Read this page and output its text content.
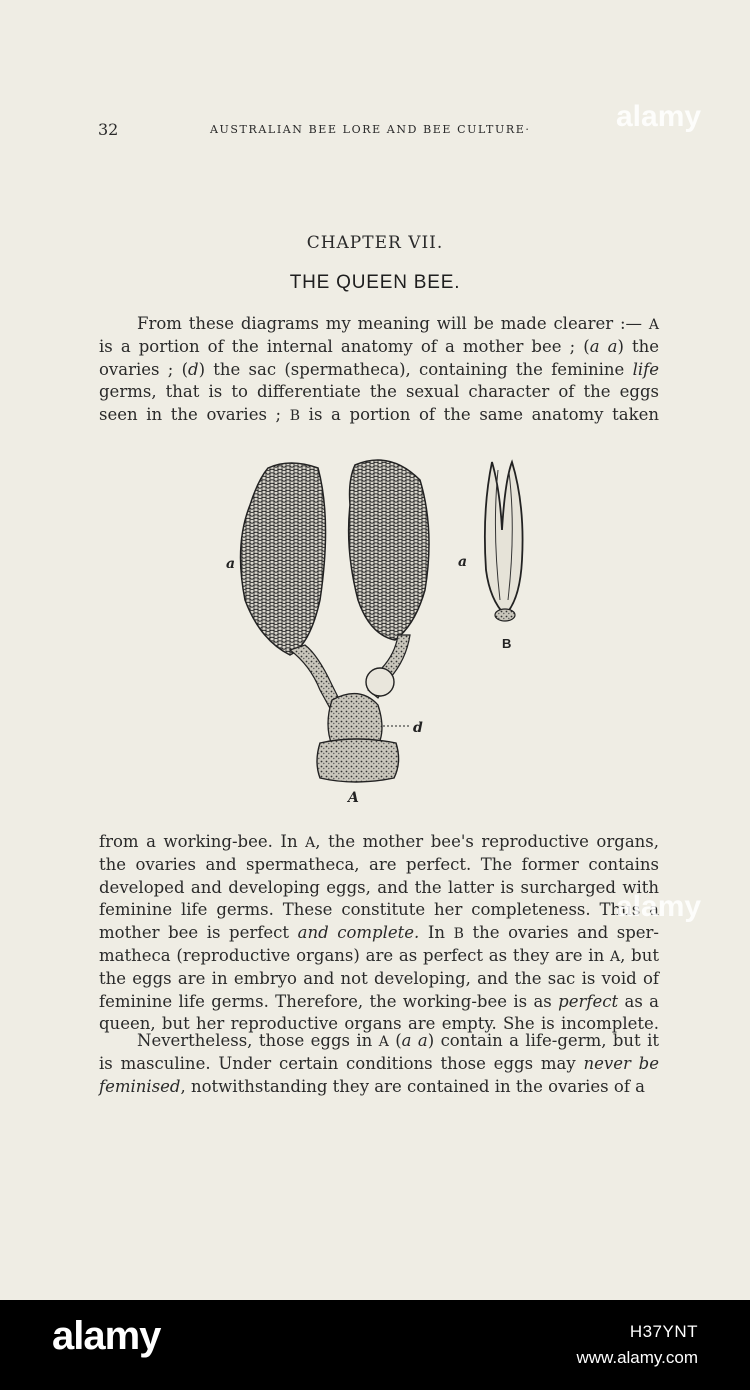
32	AUSTRALIAN BEE LORE AND BEE CULTURE·
CHAPTER VII.
THE QUEEN BEE.
From these diagrams my meaning will be made clearer :— A is a portion of the internal anatomy of a mother bee ; (a a) the ovaries ; (d) the sac (spermatheca), containing the feminine life germs, that is to differentiate the sexual character of the eggs seen in the ovaries ; B is a portion of the same anatomy taken
a	a
B
d
A
from a working-bee. In A, the mother bee's reproductive organs, the ovaries and spermatheca, are perfect. The former contains developed and developing eggs, and the latter is surcharged with feminine life germs. These constitute her completeness. Thus a mother bee is perfect and complete. In B the ovaries and sper- matheca (reproductive organs) are as perfect as they are in A, but the eggs are in embryo and not developing, and the sac is void of feminine life germs. Therefore, the working-bee is as perfect as a queen, but her reproductive organs are empty. She is incomplete.
Nevertheless, those eggs in A (a a) contain a life-germ, but it is masculine. Under certain conditions those eggs may never be feminised, notwithstanding they are contained in the ovaries of a
alamy
alamy
alamy	H37YNT
www.alamy.com
